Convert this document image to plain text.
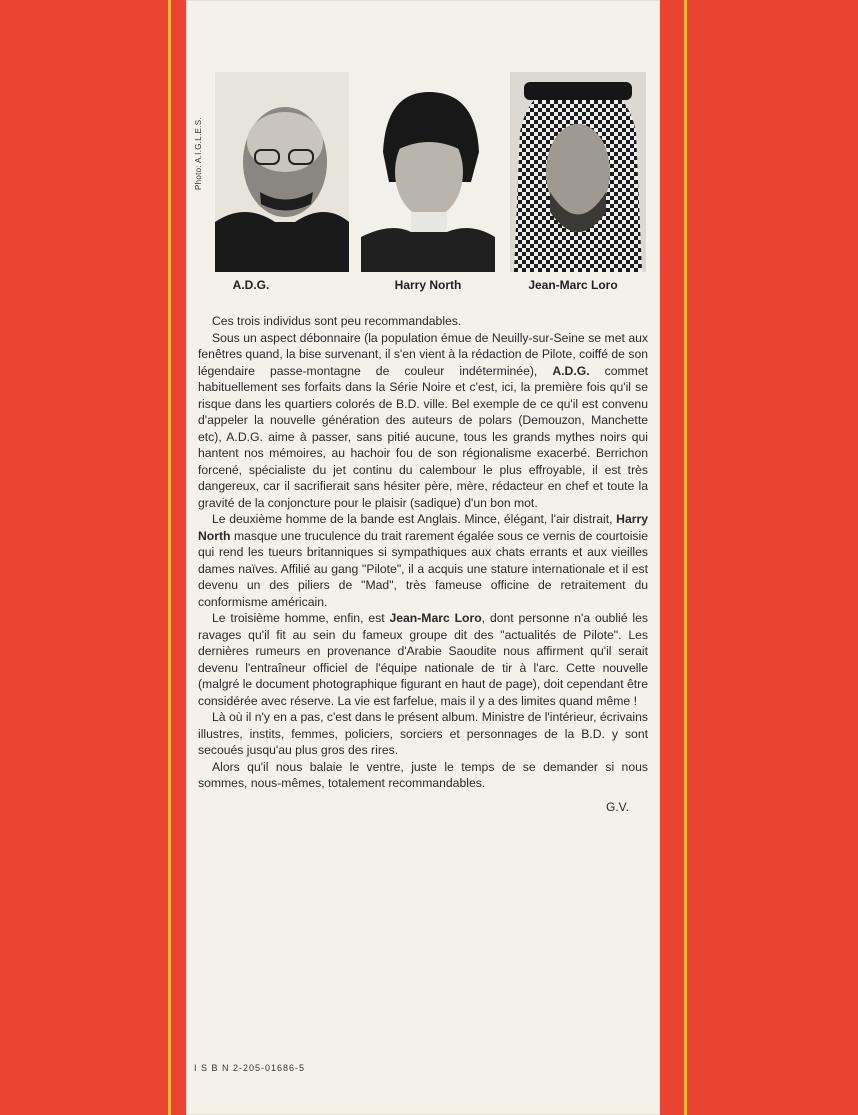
Photo: A.I.G.L.E.S.
A.D.G.	Harry North	Jean-Marc Loro

Ces trois individus sont peu recommandables.

Sous un aspect débonnaire (la population émue de Neuilly-sur-Seine se met aux fenêtres quand, la bise survenant, il s'en vient à la rédaction de Pilote, coiffé de son légendaire passe-montagne de couleur indéterminée), A.D.G. commet habituellement ses forfaits dans la Série Noire et c'est, ici, la première fois qu'il se risque dans les quartiers colorés de B.D. ville. Bel exemple de ce qu'il est convenu d'appeler la nouvelle génération des auteurs de polars (Demouzon, Manchette etc), A.D.G. aime à passer, sans pitié aucune, tous les grands mythes noirs qui hantent nos mémoires, au hachoir fou de son régionalisme exacerbé. Berrichon forcené, spécialiste du jet continu du calembour le plus effroyable, il est très dangereux, car il sacrifierait sans hésiter père, mère, rédacteur en chef et toute la gravité de la conjoncture pour le plaisir (sadique) d'un bon mot.

Le deuxième homme de la bande est Anglais. Mince, élégant, l'air distrait, Harry North masque une truculence du trait rarement égalée sous ce vernis de courtoisie qui rend les tueurs britanniques si sympathiques aux chats errants et aux vieilles dames naïves. Affilié au gang "Pilote", il a acquis une stature internationale et il est devenu un des piliers de "Mad", très fameuse officine de retraitement du conformisme américain.

Le troisième homme, enfin, est Jean-Marc Loro, dont personne n'a oublié les ravages qu'il fit au sein du fameux groupe dit des "actualités de Pilote". Les dernières rumeurs en provenance d'Arabie Saoudite nous affirment qu'il serait devenu l'entraîneur officiel de l'équipe nationale de tir à l'arc. Cette nouvelle (malgré le document photographique figurant en haut de page), doit cependant être considérée avec réserve. La vie est farfelue, mais il y a des limites quand même !

Là où il n'y en a pas, c'est dans le présent album. Ministre de l'intérieur, écrivains illustres, instits, femmes, policiers, sorciers et personnages de la B.D. y sont secoués jusqu'au plus gros des rires.

Alors qu'il nous balaie le ventre, juste le temps de se demander si nous sommes, nous-mêmes, totalement recommandables.

G.V.
I S B N 2-205-01686-5
